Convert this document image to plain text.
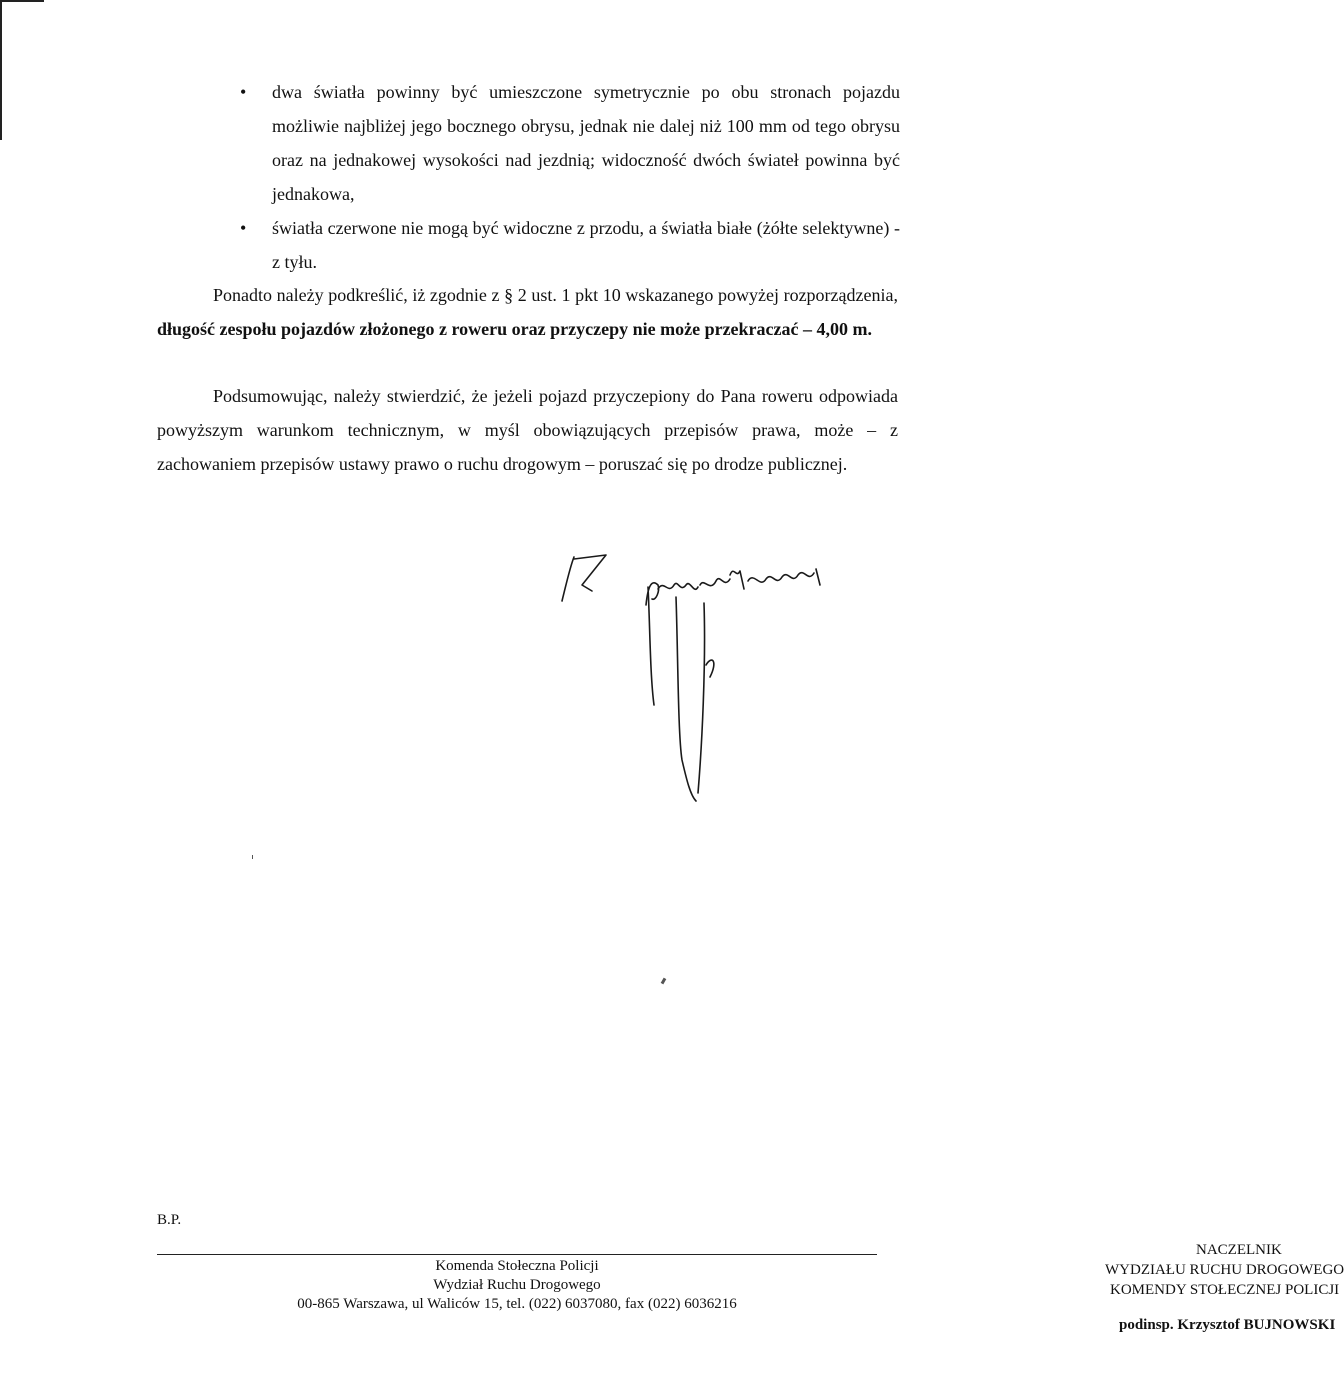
• dwa światła powinny być umieszczone symetrycznie po obu stronach pojazdu możliwie najbliżej jego bocznego obrysu, jednak nie dalej niż 100 mm od tego obrysu oraz na jednakowej wysokości nad jezdnią; widoczność dwóch świateł powinna być jednakowa,
• światła czerwone nie mogą być widoczne z przodu, a światła białe (żółte selektywne) - z tyłu.

Ponadto należy podkreślić, iż zgodnie z § 2 ust. 1 pkt 10 wskazanego powyżej rozporządzenia, długość zespołu pojazdów złożonego z roweru oraz przyczepy nie może przekraczać – 4,00 m.

Podsumowując, należy stwierdzić, że jeżeli pojazd przyczepiony do Pana roweru odpowiada powyższym warunkom technicznym, w myśl obowiązujących przepisów prawa, może – z zachowaniem przepisów ustawy prawo o ruchu drogowym – poruszać się po drodze publicznej.

NACZELNIK
WYDZIAŁU RUCHU DROGOWEGO
KOMENDY STOŁECZNEJ POLICJI
podinsp. Krzysztof BUJNOWSKI
B.P.
Komenda Stołeczna Policji
Wydział Ruchu Drogowego
00-865 Warszawa, ul Waliców 15, tel. (022) 6037080, fax (022) 6036216
